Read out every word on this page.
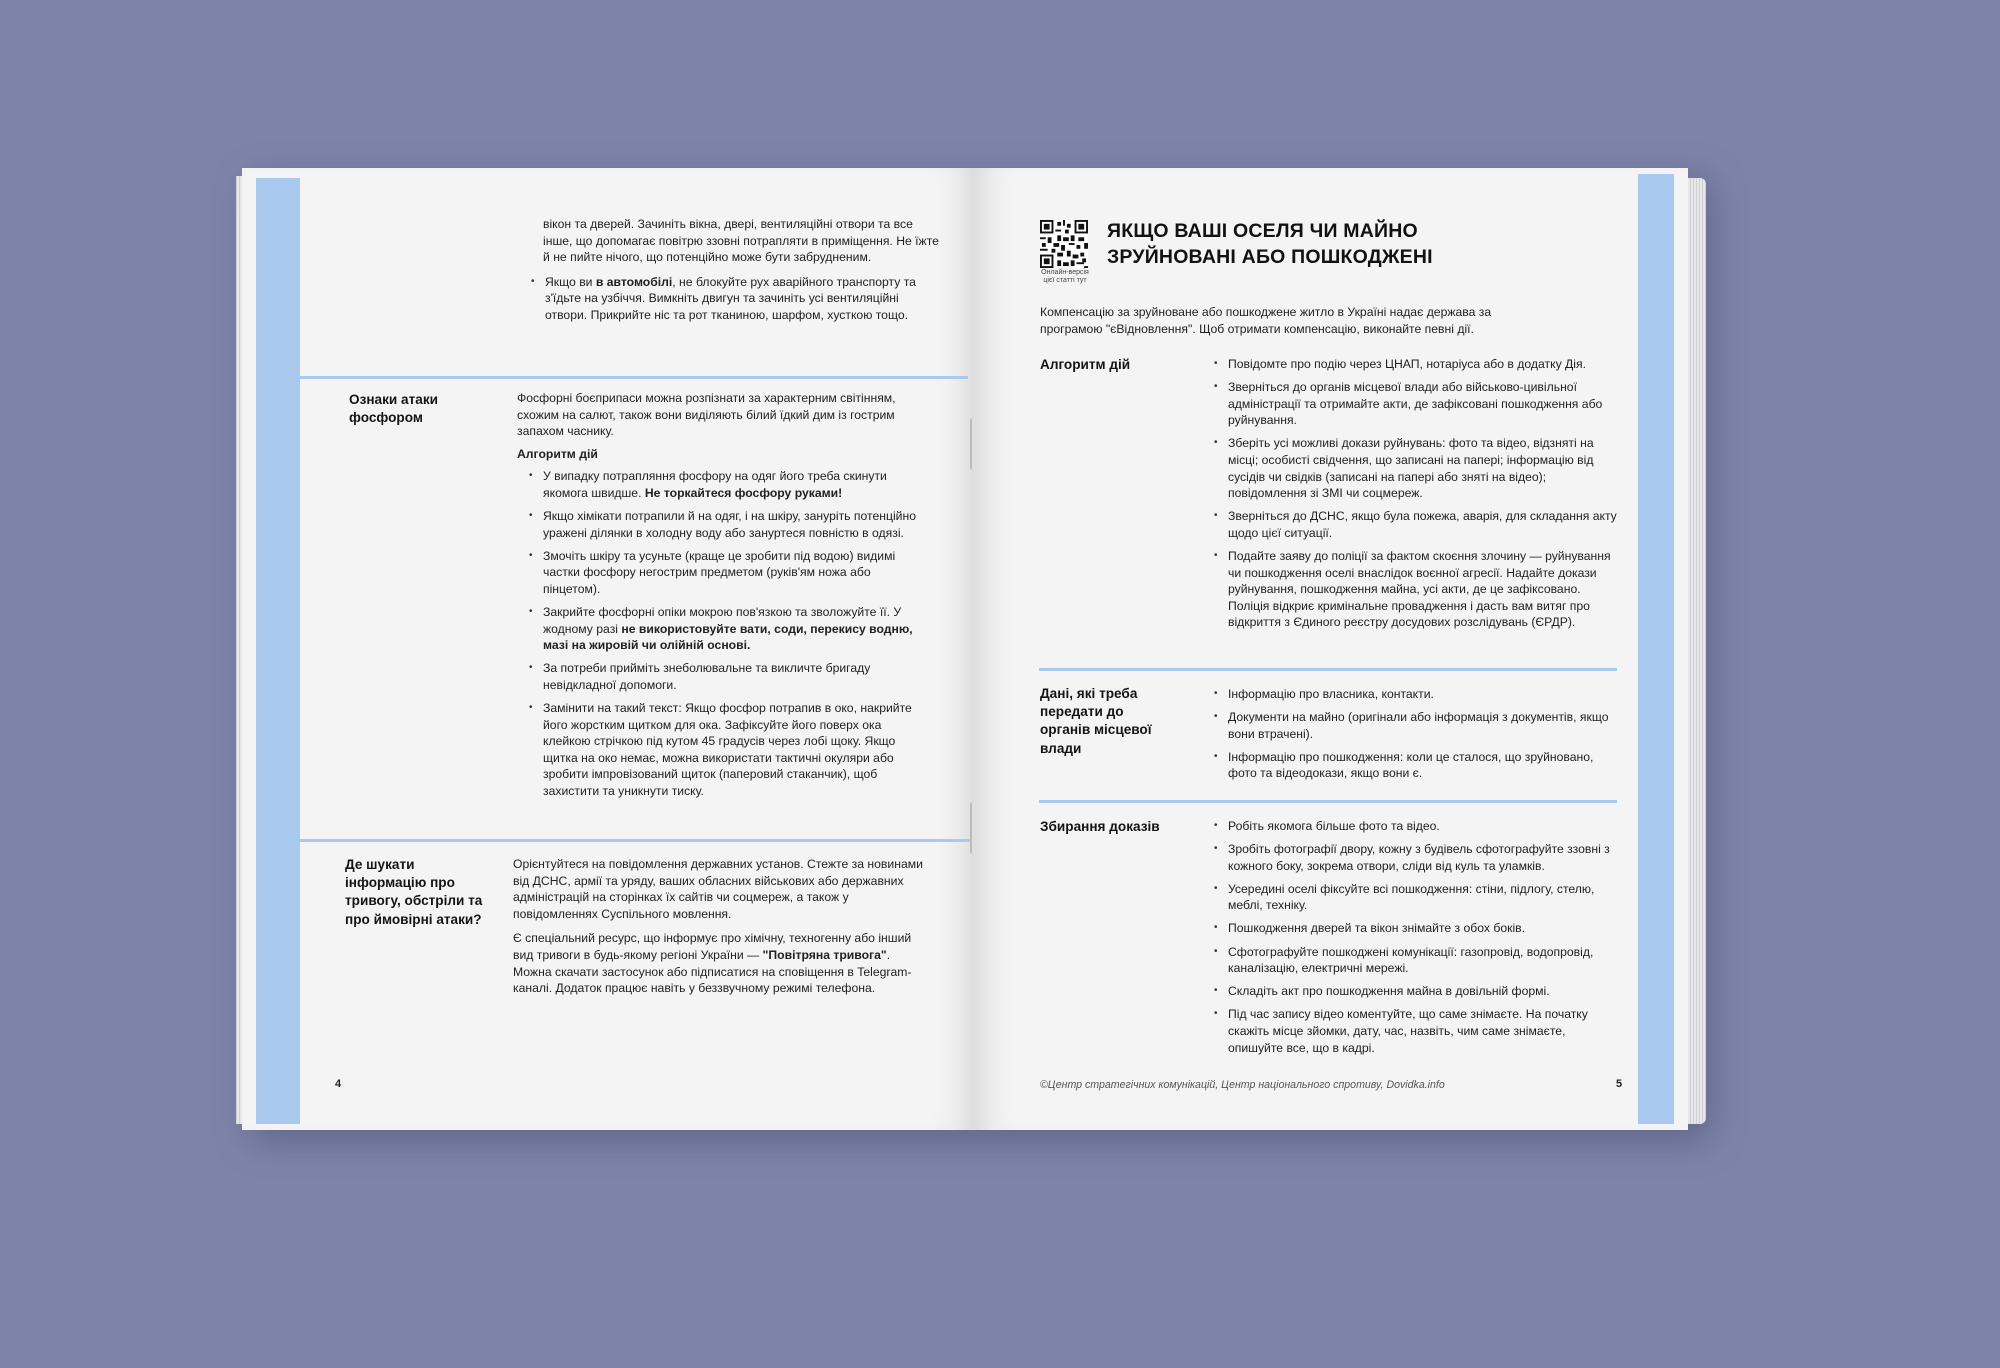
вікон та дверей. Зачиніть вікна, двері, вентиляційні отвори та все інше, що допомагає повітрю ззовні потрапляти в приміщення. Не їжте й не пийте нічого, що потенційно може бути забрудненим.

• Якщо ви в автомобілі, не блокуйте рух аварійного транспорту та з'їдьте на узбіччя. Вимкніть двигун та зачиніть усі вентиляційні отвори. Прикрийте ніс та рот тканиною, шарфом, хусткою тощо.
Ознаки атаки фосфором

Фосфорні боєприпаси можна розпізнати за характерним світінням, схожим на салют, також вони виділяють білий їдкий дим із гострим запахом часнику.

Алгоритм дій

• У випадку потрапляння фосфору на одяг його треба скинути якомога швидше. Не торкайтеся фосфору руками!
• Якщо хімікати потрапили й на одяг, і на шкіру, зануріть потенційно уражені ділянки в холодну воду або зануртеся повністю в одязі.
• Змочіть шкіру та усуньте (краще це зробити під водою) видимі частки фосфору негострим предметом (руків'ям ножа або пінцетом).
• Закрийте фосфорні опіки мокрою пов'язкою та зволожуйте її. У жодному разі не використовуйте вати, соди, перекису водню, мазі на жировій чи олійній основі.
• За потреби прийміть знеболювальне та викличте бригаду невідкладної допомоги.
• Замінити на такий текст: Якщо фосфор потрапив в око, накрийте його жорстким щитком для ока. Зафіксуйте його поверх ока клейкою стрічкою під кутом 45 градусів через лобі щоку. Якщо щитка на око немає, можна використати тактичні окуляри або зробити імпровізований щиток (паперовий стаканчик), щоб захистити та уникнути тиску.
Де шукати інформацію про тривогу, обстріли та про ймовірні атаки?

Орієнтуйтеся на повідомлення державних установ. Стежте за новинами від ДСНС, армії та уряду, ваших обласних військових або державних адміністрацій на сторінках їх сайтів чи соцмереж, а також у повідомленнях Суспільного мовлення.

Є спеціальний ресурс, що інформує про хімічну, техногенну або інший вид тривоги в будь-якому регіоні України — "Повітряна тривога". Можна скачати застосунок або підписатися на сповіщення в Telegram-каналі. Додаток працює навіть у беззвучному режимі телефона.

4
Онлайн-версія цієї статті тут
ЯКЩО ВАШІ ОСЕЛЯ ЧИ МАЙНО
ЗРУЙНОВАНІ АБО ПОШКОДЖЕНІ

Компенсацію за зруйноване або пошкоджене житло в Україні надає держава за програмою "єВідновлення". Щоб отримати компенсацію, виконайте певні дії.

Алгоритм дій	• Повідомте про подію через ЦНАП, нотаріуса або в додатку Дія.
• Зверніться до органів місцевої влади або військово-цивільної адміністрації та отримайте акти, де зафіксовані пошкодження або руйнування.
• Зберіть усі можливі докази руйнувань: фото та відео, відзняті на місці; особисті свідчення, що записані на папері; інформацію від сусідів чи свідків (записані на папері або зняті на відео); повідомлення зі ЗМІ чи соцмереж.
• Зверніться до ДСНС, якщо була пожежа, аварія, для складання акту щодо цієї ситуації.
• Подайте заяву до поліції за фактом скоєння злочину — руйнування чи пошкодження оселі внаслідок воєнної агресії. Надайте докази руйнування, пошкодження майна, усі акти, де це зафіксовано. Поліція відкриє кримінальне провадження і дасть вам витяг про відкриття з Єдиного реєстру досудових розслідувань (ЄРДР).
Дані, які треба передати до органів місцевої влади
• Інформацію про власника, контакти.
• Документи на майно (оригінали або інформація з документів, якщо вони втрачені).
• Інформацію про пошкодження: коли це сталося, що зруйновано, фото та відеодокази, якщо вони є.
Збирання доказів	• Робіть якомога більше фото та відео.
• Зробіть фотографії двору, кожну з будівель сфотографуйте ззовні з кожного боку, зокрема отвори, сліди від куль та уламків.
• Усередині оселі фіксуйте всі пошкодження: стіни, підлогу, стелю, меблі, техніку.
• Пошкодження дверей та вікон знімайте з обох боків.
• Сфотографуйте пошкоджені комунікації: газопровід, водопровід, каналізацію, електричні мережі.
• Складіть акт про пошкодження майна в довільній формі.
• Під час запису відео коментуйте, що саме знімаєте. На початку скажіть місце зйомки, дату, час, назвіть, чим саме знімаєте, опишуйте все, що в кадрі.
©Центр стратегічних комунікацій, Центр національного спротиву, Dovidka.info	5
